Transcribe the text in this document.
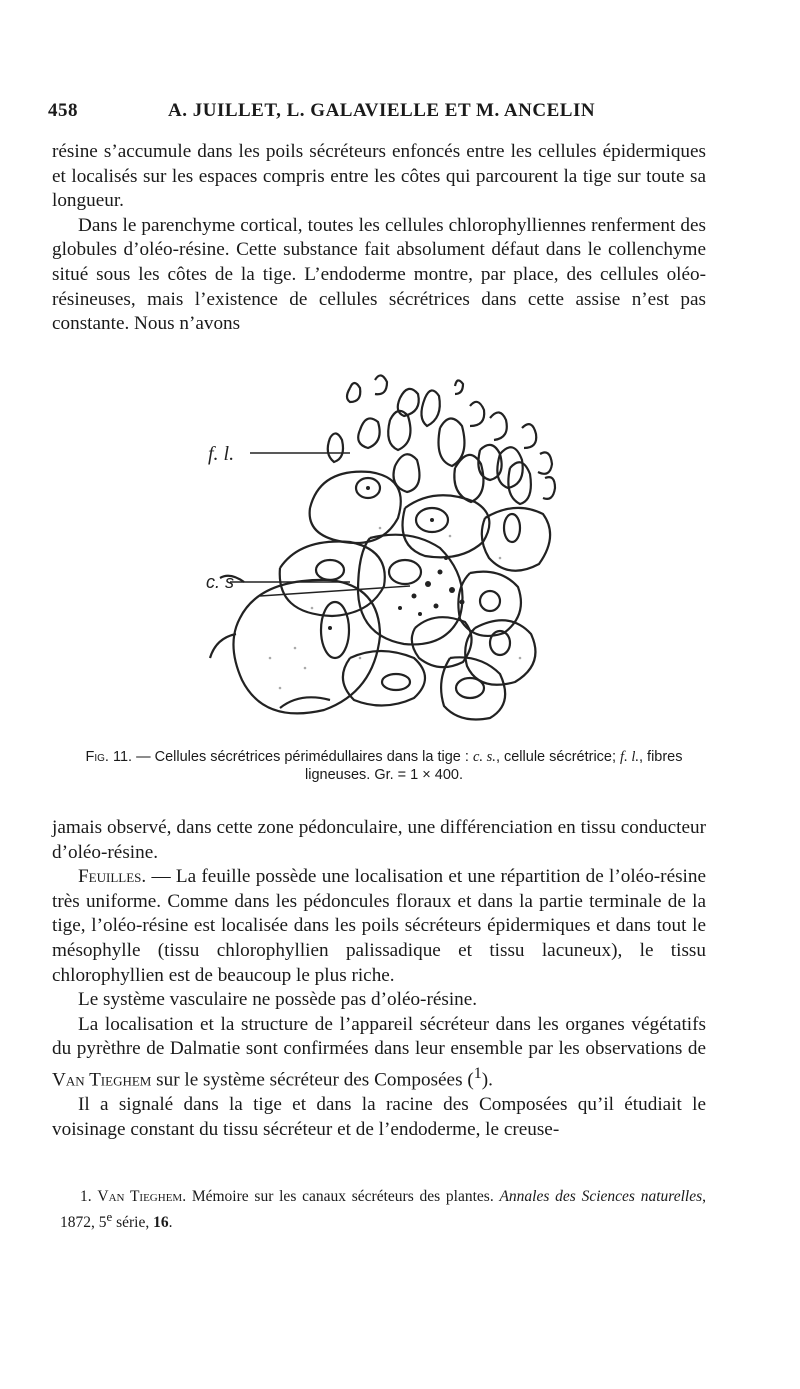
458	A. JUILLET, L. GALAVIELLE ET M. ANCELIN

résine s’accumule dans les poils sécréteurs enfoncés entre les cellules épidermiques et localisés sur les espaces compris entre les côtes qui parcourent la tige sur toute sa longueur.

Dans le parenchyme cortical, toutes les cellules chlorophylliennes renferment des globules d’oléo-résine. Cette substance fait absolument défaut dans le collenchyme situé sous les côtes de la tige. L’endoderme montre, par place, des cellules oléo-résineuses, mais l’existence de cellules sécrétrices dans cette assise n’est pas constante. Nous n’avons

f. l.
c. s
Fig. 11. — Cellules sécrétrices périmédullaires dans la tige : c. s., cellule sécrétrice; f. l., fibres ligneuses. Gr. = 1 × 400.

jamais observé, dans cette zone pédonculaire, une différenciation en tissu conducteur d’oléo-résine.

Feuilles. — La feuille possède une localisation et une répartition de l’oléo-résine très uniforme. Comme dans les pédoncules floraux et dans la partie terminale de la tige, l’oléo-résine est localisée dans les poils sécréteurs épidermiques et dans tout le mésophylle (tissu chlorophyllien palissadique et tissu lacuneux), le tissu chlorophyllien est de beaucoup le plus riche.

Le système vasculaire ne possède pas d’oléo-résine.

La localisation et la structure de l’appareil sécréteur dans les organes végétatifs du pyrèthre de Dalmatie sont confirmées dans leur ensemble par les observations de Van Tieghem sur le système sécréteur des Composées ($^1$).

Il a signalé dans la tige et dans la racine des Composées qu’il étudiait le voisinage constant du tissu sécréteur et de l’endoderme, le creuse-

1. Van Tieghem. Mémoire sur les canaux sécréteurs des plantes. Annales des Sciences naturelles, 1872, 5e série, 16.
